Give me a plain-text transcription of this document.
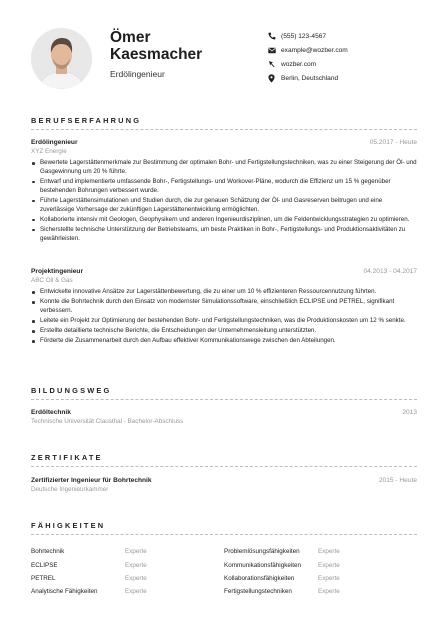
Ömer
Kaesmacher
Erdölingenieur
(555) 123-4567
example@wozber.com
wozber.com
Berlin, Deutschland
BERUFSERFAHRUNG
Erdölingenieur	05.2017 - Heute
XYZ Energie
Bewertete Lagerstättenmerkmale zur Bestimmung der optimalen Bohr- und Fertigstellungstechniken, was zu einer Steigerung der Öl- und Gasgewinnung um 20 % führte.
Entwarf und implementierte umfassende Bohr-, Fertigstellungs- und Workover-Pläne, wodurch die Effizienz um 15 % gegenüber bestehenden Bohrungen verbessert wurde.
Führte Lagerstättensimulationen und Studien durch, die zur genauen Schätzung der Öl- und Gasreserven beitrugen und eine zuverlässige Vorhersage der zukünftigen Lagerstättenentwicklung ermöglichten.
Kollaborierte intensiv mit Geologen, Geophysikern und anderen Ingenieurdisziplinen, um die Feldentwicklungsstrategien zu optimieren.
Sicherstellte technische Unterstützung der Betriebsteams, um beste Praktiken in Bohr-, Fertigstellungs- und Produktionsaktivitäten zu gewährleisten.
Projektingenieur	04.2013 - 04.2017
ABC Oil & Gas
Entwickelte innovative Ansätze zur Lagerstättenbewertung, die zu einer um 10 % effizienteren Ressourcennutzung führten.
Konnte die Bohrtechnik durch den Einsatz von modernster Simulationssoftware, einschließlich ECLIPSE und PETREL, signifikant verbessern.
Leitete ein Projekt zur Optimierung der bestehenden Bohr- und Fertigstellungstechniken, was die Produktionskosten um 12 % senkte.
Erstellte detaillierte technische Berichte, die Entscheidungen der Unternehmensleitung unterstützten.
Förderte die Zusammenarbeit durch den Aufbau effektiver Kommunikationswege zwischen den Abteilungen.
BILDUNGSWEG
Erdöltechnik	2013
Technische Universität Clausthal - Bachelor-Abschluss
ZERTIFIKATE
Zertifizierter Ingenieur für Bohrtechnik	2015 - Heute
Deutsche Ingenieurkammer
FÄHIGKEITEN
Bohrtechnik	Experte	Problemlösungsfähigkeiten	Experte
ECLIPSE	Experte	Kommunikationsfähigkeiten	Experte
PETREL	Experte	Kollaborationsfähigkeiten	Experte
Analytische Fähigkeiten	Experte	Fertigstellungstechniken	Experte
